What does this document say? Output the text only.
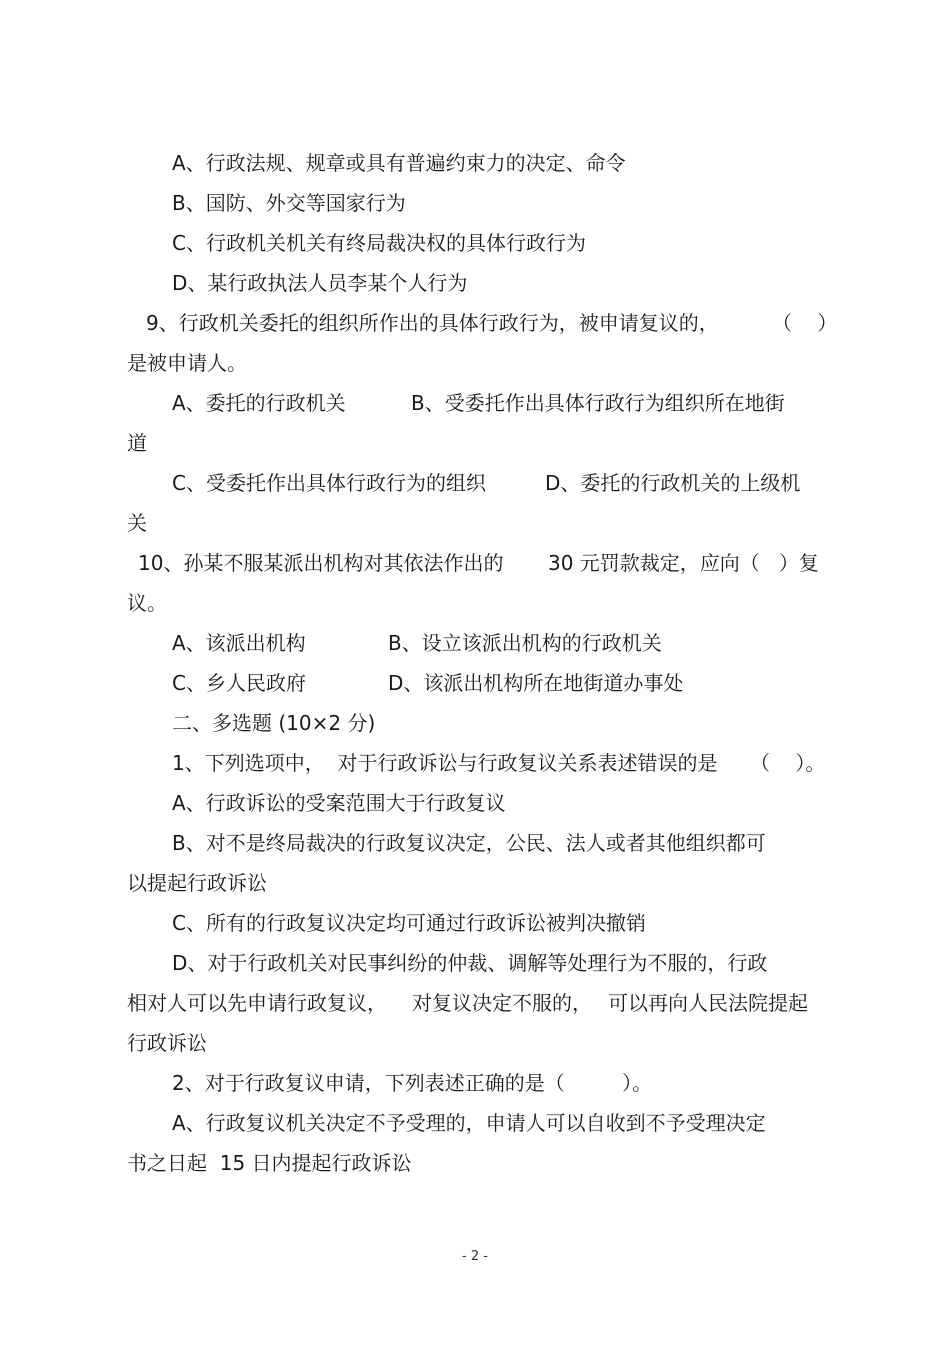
A、行政法规、规章或具有普遍约束力的决定、命令
B、国防、外交等国家行为
C、行政机关机关有终局裁决权的具体行政行为
D、某行政执法人员李某个人行为
9、行政机关委托的组织所作出的具体行政行为，被申请复议的，	（    ）
是被申请人。
A、委托的行政机关	B、受委托作出具体行政行为组织所在地街
道
C、受委托作出具体行政行为的组织	D、委托的行政机关的上级机
关
10、孙某不服某派出机构对其依法作出的 30 元罚款裁定，应向（   ）复
议。
A、该派出机构	B、设立该派出机构的行政机关
C、乡人民政府	D、该派出机构所在地街道办事处
二、多选题 (10×2 分)
1、下列选项中，  对于行政诉讼与行政复议关系表述错误的是 （    ）。
A、行政诉讼的受案范围大于行政复议
B、对不是终局裁决的行政复议决定，公民、法人或者其他组织都可
以提起行政诉讼
C、所有的行政复议决定均可通过行政诉讼被判决撤销
D、对于行政机关对民事纠纷的仲裁、调解等处理行为不服的，行政
相对人可以先申请行政复议， 对复议决定不服的， 可以再向人民法院提起
行政诉讼
2、对于行政复议申请，下列表述正确的是（         ）。
A、行政复议机关决定不予受理的，申请人可以自收到不予受理决定
书之日起  15 日内提起行政诉讼
- 2 -
